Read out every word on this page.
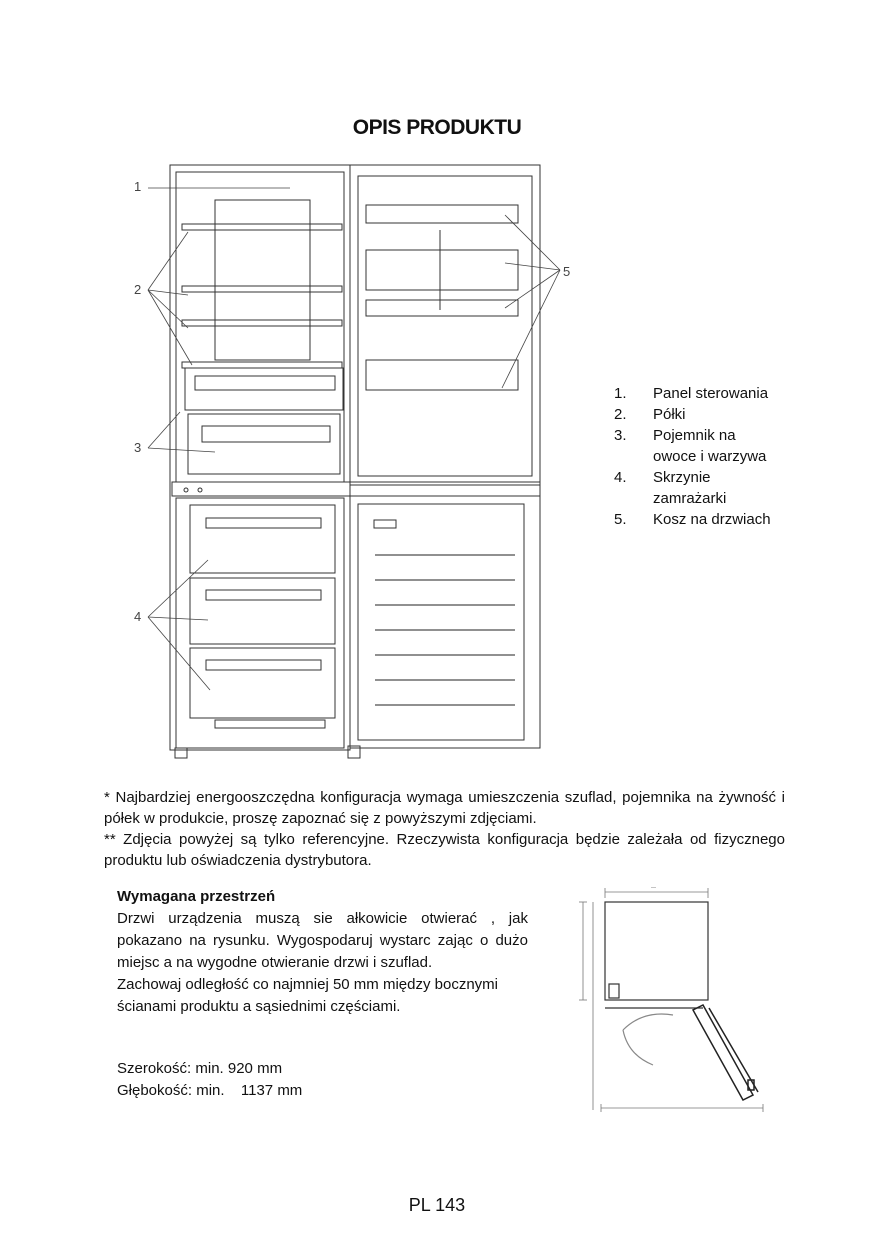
OPIS PRODUKTU
1
2
3
4
5
1.	Panel sterowania
2.	Półki
3.	Pojemnik na owoce i warzywa
4.	Skrzynie zamrażarki
5.	Kosz na drzwiach

* Najbardziej energooszczędna konfiguracja wymaga umieszczenia szuflad, pojemnika na żywność i półek w produkcie, proszę zapoznać się z powyższymi zdjęciami.

** Zdjęcia powyżej są tylko referencyjne. Rzeczywista konfiguracja będzie zależała od fizycznego produktu lub oświadczenia dystrybutora.

Wymagana przestrzeń

Drzwi urządzenia muszą sie ałkowicie otwierać , jak pokazano na rysunku. Wygospodaruj wystarc zając o dużo miejsc a na wygodne otwieranie drzwi i szuflad.

Zachowaj odległość co najmniej 50 mm między bocznymi ścianami produktu a sąsiednimi częściami.

Szerokość: min. 920 mm
Głębokość: min. 1137 mm
—
PL 143
